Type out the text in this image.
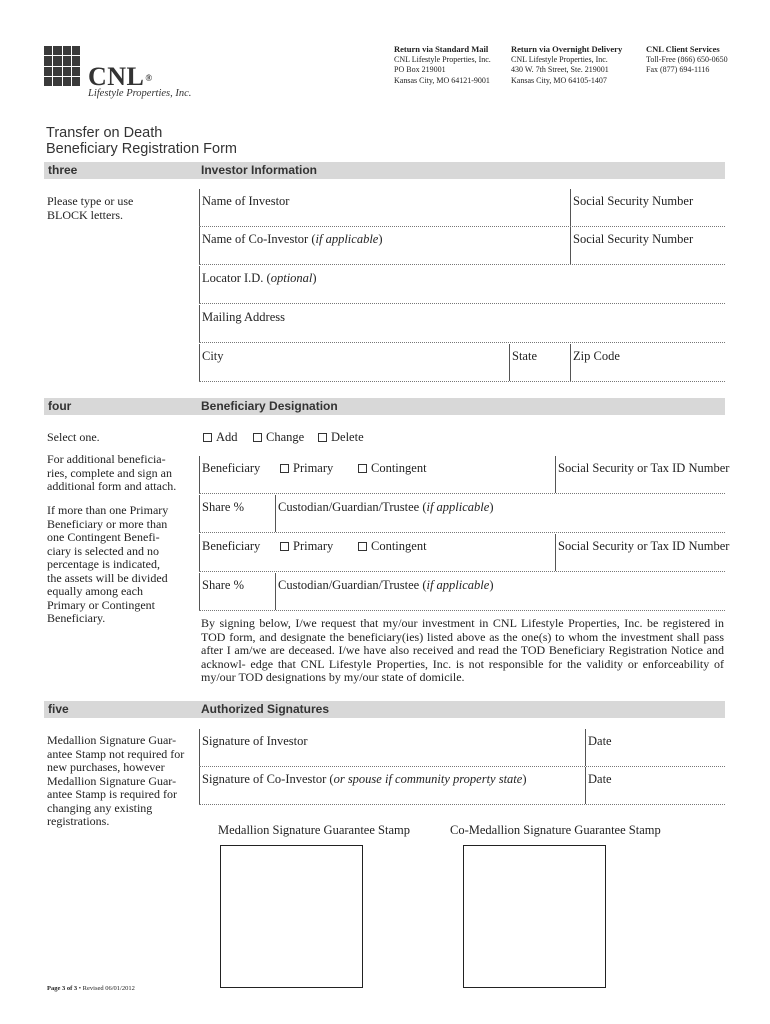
CNL®
Lifestyle Properties, Inc.
Return via Standard Mail
CNL Lifestyle Properties, Inc.
PO Box 219001
Kansas City, MO 64121-9001
Return via Overnight Delivery
CNL Lifestyle Properties, Inc.
430 W. 7th Street, Ste. 219001
Kansas City, MO 64105-1407
CNL Client Services
Toll-Free (866) 650-0650
Fax (877) 694-1116
Transfer on Death
Beneficiary Registration Form
three	Investor Information
Please type or use BLOCK letters.
Name of Investor	Social Security Number
Name of Co-Investor (if applicable)	Social Security Number
Locator I.D. (optional)
Mailing Address
City	State	Zip Code
four	Beneficiary Designation
Select one.
For additional beneficia- ries, complete and sign an additional form and attach.
If more than one Primary Beneficiary or more than one Contingent Benefi- ciary is selected and no percentage is indicated, the assets will be divided equally among each Primary or Contingent Beneficiary.
Add	Change	Delete
Beneficiary	Primary	Contingent	Social Security or Tax ID Number
Share %	Custodian/Guardian/Trustee (if applicable)
Beneficiary	Primary	Contingent	Social Security or Tax ID Number
Share %	Custodian/Guardian/Trustee (if applicable)
By signing below, I/we request that my/our investment in CNL Lifestyle Properties, Inc. be registered in TOD form, and designate the beneficiary(ies) listed above as the one(s) to whom the investment shall pass after I am/we are deceased. I/we have also received and read the TOD Beneficiary Registration Notice and acknowl- edge that CNL Lifestyle Properties, Inc. is not responsible for the validity or enforceability of my/our TOD designations by my/our state of domicile.
five	Authorized Signatures
Medallion Signature Guar- antee Stamp not required for new purchases, however Medallion Signature Guar- antee Stamp is required for changing any existing registrations.
Signature of Investor	Date
Signature of Co-Investor (or spouse if community property state)	Date
Medallion Signature Guarantee Stamp	Co-Medallion Signature Guarantee Stamp
Page 3 of 3 • Revised 06/01/2012
